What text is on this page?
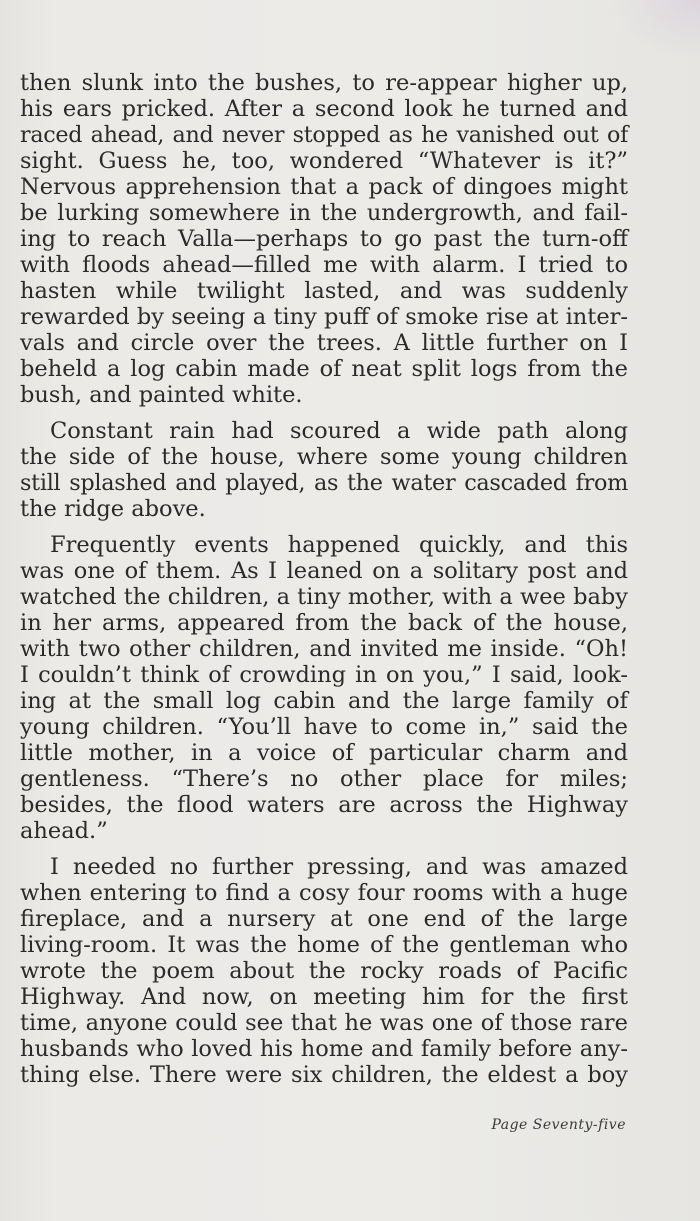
then slunk into the bushes, to re-appear higher up,
his ears pricked. After a second look he turned and
raced ahead, and never stopped as he vanished out of
sight. Guess he, too, wondered “Whatever is it?”
Nervous apprehension that a pack of dingoes might
be lurking somewhere in the undergrowth, and fail-
ing to reach Valla—perhaps to go past the turn-off
with floods ahead—filled me with alarm. I tried to
hasten while twilight lasted, and was suddenly
rewarded by seeing a tiny puff of smoke rise at inter-
vals and circle over the trees. A little further on I
beheld a log cabin made of neat split logs from the
bush, and painted white.
Constant rain had scoured a wide path along
the side of the house, where some young children
still splashed and played, as the water cascaded from
the ridge above.
Frequently events happened quickly, and this
was one of them. As I leaned on a solitary post and
watched the children, a tiny mother, with a wee baby
in her arms, appeared from the back of the house,
with two other children, and invited me inside. “Oh!
I couldn’t think of crowding in on you,” I said, look-
ing at the small log cabin and the large family of
young children. “You’ll have to come in,” said the
little mother, in a voice of particular charm and
gentleness. “There’s no other place for miles;
besides, the flood waters are across the Highway
ahead.”
I needed no further pressing, and was amazed
when entering to find a cosy four rooms with a huge
fireplace, and a nursery at one end of the large
living-room. It was the home of the gentleman who
wrote the poem about the rocky roads of Pacific
Highway. And now, on meeting him for the first
time, anyone could see that he was one of those rare
husbands who loved his home and family before any-
thing else. There were six children, the eldest a boy
Page Seventy-five
